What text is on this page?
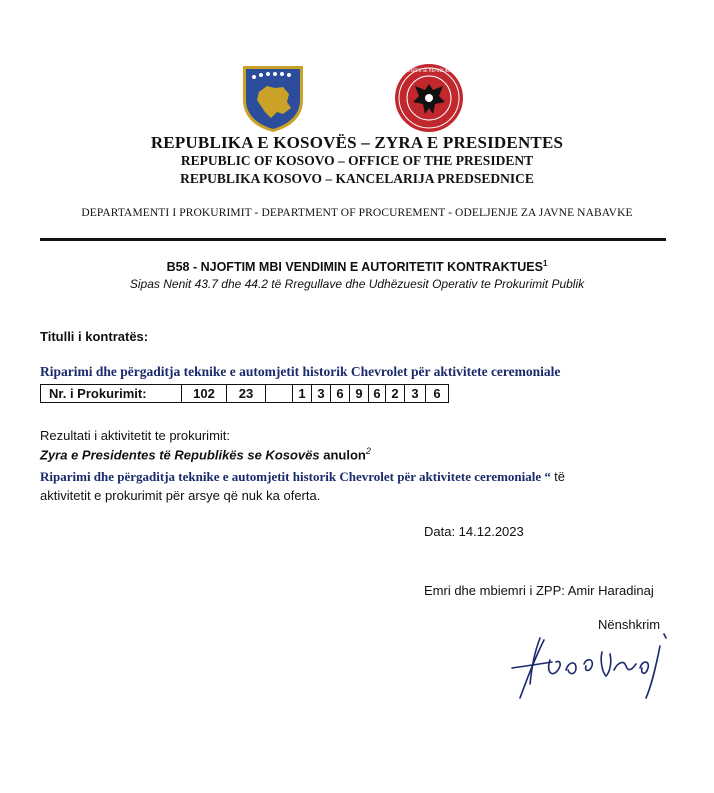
ZYRA E PRESIDENTES SË REPUBLIKËS SË KOSOVËS
REPUBLIKA E KOSOVËS – ZYRA E PRESIDENTES
REPUBLIC OF KOSOVO – OFFICE OF THE PRESIDENT
REPUBLIKA KOSOVO – KANCELARIJA PREDSEDNICE
DEPARTAMENTI I PROKURIMIT - DEPARTMENT OF PROCUREMENT - ODELJENJE ZA JAVNE NABAVKE
B58 - NJOFTIM MBI VENDIMIN E AUTORITETIT KONTRAKTUES$^1$
Sipas Nenit 43.7 dhe 44.2 të Rregullave dhe Udhëzuesit Operativ te Prokurimit Publik
Titulli i kontratës:
Riparimi dhe përgaditja teknike e automjetit historik Chevrolet për aktivitete ceremoniale
Nr. i Prokurimit:	102	23		1	3	6	9	6	2	3	6
Rezultati i aktivitetit te prokurimit:
Zyra e Presidentes të Republikës se Kosovës anulon$^2$
Riparimi dhe përgaditja teknike e automjetit historik Chevrolet për aktivitete ceremoniale “ të
aktivitetit e prokurimit për arsye që nuk ka oferta.
Data: 14.12.2023
Emri dhe mbiemri i ZPP: Amir Haradinaj
Nënshkrim
